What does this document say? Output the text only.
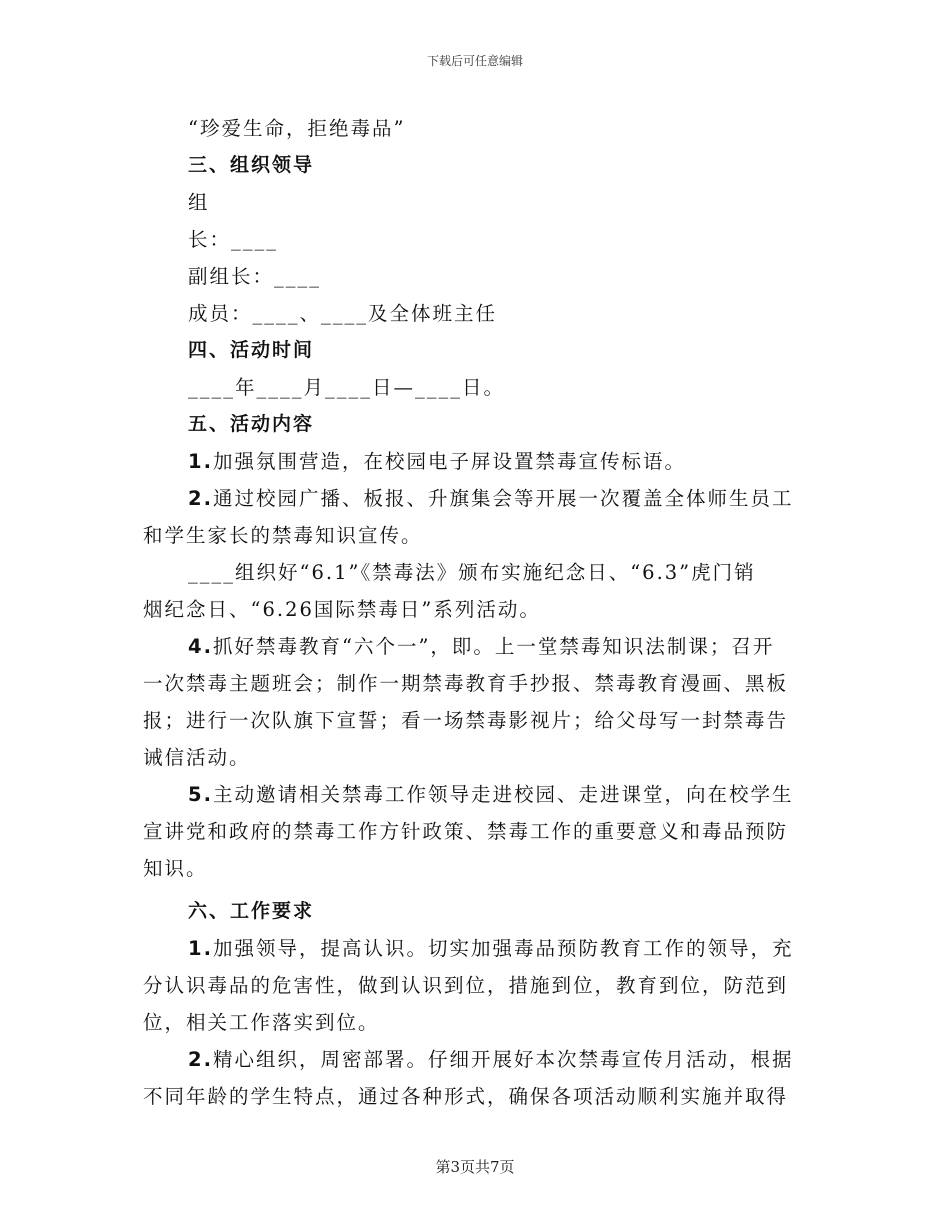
下载后可任意编辑
“珍爱生命，拒绝毒品”
三、组织领导
组
长：____
副组长：____
成员：____、____及全体班主任
四、活动时间
____年____月____日—____日。
五、活动内容
1.加强氛围营造，在校园电子屏设置禁毒宣传标语。
2.通过校园广播、板报、升旗集会等开展一次覆盖全体师生员工
和学生家长的禁毒知识宣传。
____组织好“6.1”《禁毒法》颁布实施纪念日、“6.3”虎门销
烟纪念日、“6.26国际禁毒日”系列活动。
4.抓好禁毒教育“六个一”，即。上一堂禁毒知识法制课；召开
一次禁毒主题班会；制作一期禁毒教育手抄报、禁毒教育漫画、黑板
报；进行一次队旗下宣誓；看一场禁毒影视片；给父母写一封禁毒告
诫信活动。
5.主动邀请相关禁毒工作领导走进校园、走进课堂，向在校学生
宣讲党和政府的禁毒工作方针政策、禁毒工作的重要意义和毒品预防
知识。
六、工作要求
1.加强领导，提高认识。切实加强毒品预防教育工作的领导，充
分认识毒品的危害性，做到认识到位，措施到位，教育到位，防范到
位，相关工作落实到位。
2.精心组织，周密部署。仔细开展好本次禁毒宣传月活动，根据
不同年龄的学生特点，通过各种形式，确保各项活动顺利实施并取得
第3页共7页
